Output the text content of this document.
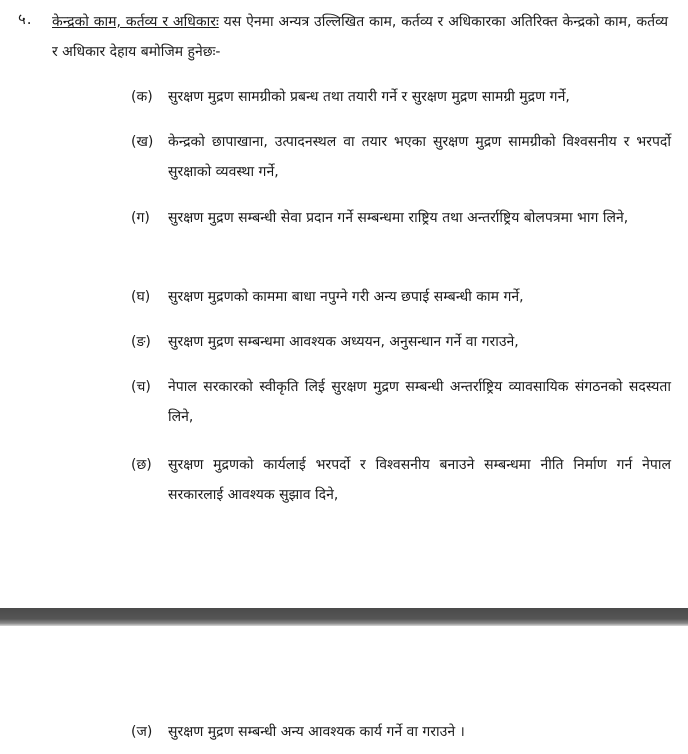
५. केन्द्रको काम, कर्तव्य र अधिकारः यस ऐनमा अन्यत्र उल्लिखित काम, कर्तव्य र अधिकारका अतिरिक्त केन्द्रको काम, कर्तव्य र अधिकार देहाय बमोजिम हुनेछः-
(क)	सुरक्षण मुद्रण सामग्रीको प्रबन्ध तथा तयारी गर्ने र सुरक्षण मुद्रण सामग्री मुद्रण गर्ने,
(ख)	केन्द्रको छापाखाना, उत्पादनस्थल वा तयार भएका सुरक्षण मुद्रण सामग्रीको विश्वसनीय र भरपर्दो सुरक्षाको व्यवस्था गर्ने,
(ग)	सुरक्षण मुद्रण सम्बन्धी सेवा प्रदान गर्ने सम्बन्धमा राष्ट्रिय तथा अन्तर्राष्ट्रिय बोलपत्रमा भाग लिने,
(घ)	सुरक्षण मुद्रणको काममा बाधा नपुग्ने गरी अन्य छपाई सम्बन्धी काम गर्ने,
(ङ)	सुरक्षण मुद्रण सम्बन्धमा आवश्यक अध्ययन, अनुसन्धान गर्ने वा गराउने,
(च)	नेपाल सरकारको स्वीकृति लिई सुरक्षण मुद्रण सम्बन्धी अन्तर्राष्ट्रिय व्यावसायिक संगठनको सदस्यता लिने,
(छ)	सुरक्षण मुद्रणको कार्यलाई भरपर्दो र विश्वसनीय बनाउने सम्बन्धमा नीति निर्माण गर्न नेपाल सरकारलाई आवश्यक सुझाव दिने,
(ज)	सुरक्षण मुद्रण सम्बन्धी अन्य आवश्यक कार्य गर्ने वा गराउने ।
